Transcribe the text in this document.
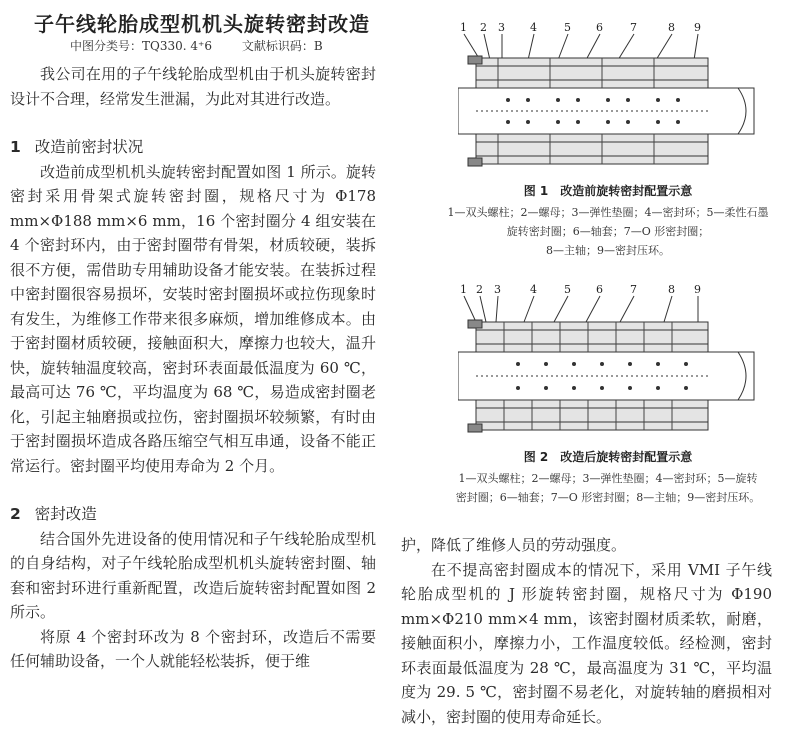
子午线轮胎成型机机头旋转密封改造
中图分类号：TQ330. 4⁺6 文献标识码：B

我公司在用的子午线轮胎成型机由于机头旋转密封设计不合理，经常发生泄漏，为此对其进行改造。

1 改造前密封状况

改造前成型机机头旋转密封配置如图 1 所示。旋转密封采用骨架式旋转密封圈，规格尺寸为 Φ178 mm×Φ188 mm×6 mm，16 个密封圈分 4 组安装在 4 个密封环内，由于密封圈带有骨架，材质较硬，装拆很不方便，需借助专用辅助设备才能安装。在装拆过程中密封圈很容易损坏，安装时密封圈损坏或拉伤现象时有发生，为维修工作带来很多麻烦，增加维修成本。由于密封圈材质较硬，接触面积大，摩擦力也较大，温升快，旋转轴温度较高，密封环表面最低温度为 60 ℃，最高可达 76 ℃，平均温度为 68 ℃，易造成密封圈老化，引起主轴磨损或拉伤，密封圈损坏较频繁，有时由于密封圈损坏造成各路压缩空气相互串通，设备不能正常运行。密封圈平均使用寿命为 2 个月。

2 密封改造

结合国外先进设备的使用情况和子午线轮胎成型机的自身结构，对子午线轮胎成型机机头旋转密封圈、轴套和密封环进行重新配置，改造后旋转密封配置如图 2 所示。

将原 4 个密封环改为 8 个密封环，改造后不需要任何辅助设备，一个人就能轻松装拆，便于维

1 2 3 4 5 6 7	8 9
图 1　改造前旋转密封配置示意
1—双头螺柱；2—螺母；3—弹性垫圈；4—密封环；5—柔性石墨
旋转密封圈；6—轴套；7—O 形密封圈；
8—主轴；9—密封压环。
1 2 3	4 5 6 7	8 9
图 2　改造后旋转密封配置示意
1—双头螺柱；2—螺母；3—弹性垫圈；4—密封环；5—旋转
密封圈；6—轴套；7—O 形密封圈；8—主轴；9—密封压环。

护，降低了维修人员的劳动强度。

在不提高密封圈成本的情况下，采用 VMI 子午线轮胎成型机的 J 形旋转密封圈，规格尺寸为 Φ190 mm×Φ210 mm×4 mm，该密封圈材质柔软，耐磨，接触面积小，摩擦力小，工作温度较低。经检测，密封环表面最低温度为 28 ℃，最高温度为 31 ℃，平均温度为 29. 5 ℃，密封圈不易老化，对旋转轴的磨损相对减小，密封圈的使用寿命延长。
